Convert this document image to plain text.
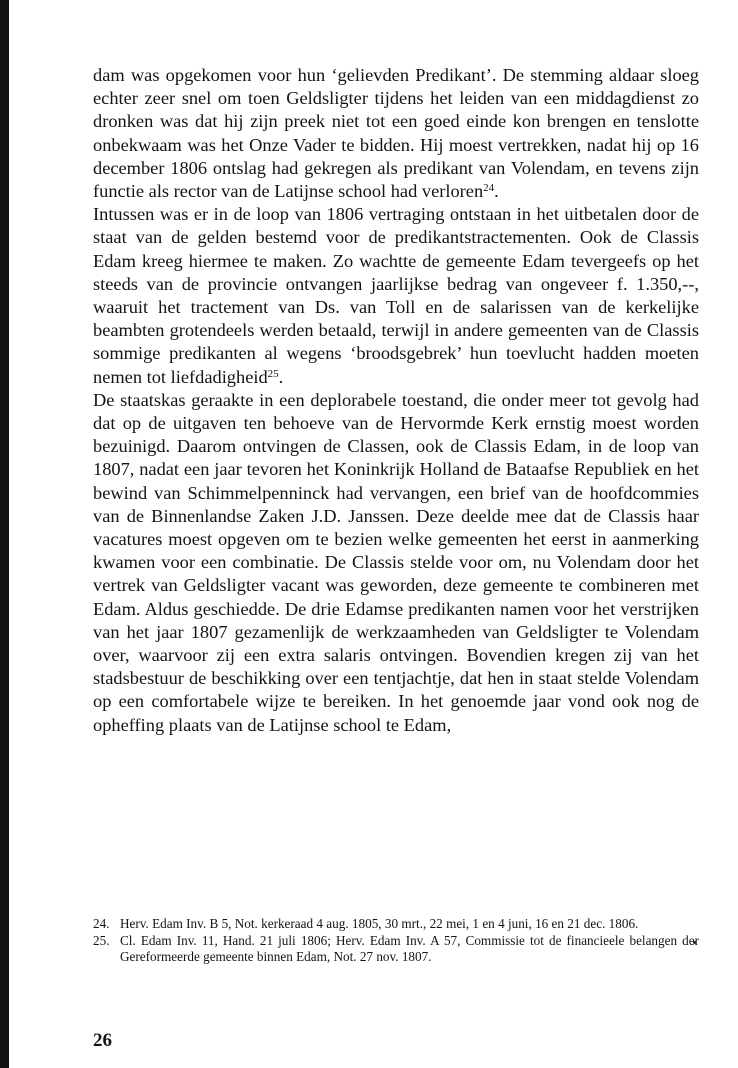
dam was opgekomen voor hun ‘gelievden Predikant’. De stemming aldaar sloeg echter zeer snel om toen Geldsligter tijdens het leiden van een middagdienst zo dronken was dat hij zijn preek niet tot een goed einde kon brengen en tenslotte onbekwaam was het Onze Vader te bidden. Hij moest vertrekken, nadat hij op 16 december 1806 ontslag had gekregen als predikant van Volendam, en tevens zijn functie als rector van de Latijnse school had verloren$^{24}$.

Intussen was er in de loop van 1806 vertraging ontstaan in het uitbetalen door de staat van de gelden bestemd voor de predikantstractementen. Ook de Classis Edam kreeg hiermee te maken. Zo wachtte de gemeente Edam tevergeefs op het steeds van de provincie ontvangen jaarlijkse bedrag van ongeveer f. 1.350,--, waaruit het tractement van Ds. van Toll en de salarissen van de kerkelijke beambten grotendeels werden betaald, terwijl in andere gemeenten van de Classis sommige predikanten al wegens ‘broodsgebrek’ hun toevlucht hadden moeten nemen tot liefdadigheid$^{25}$.

De staatskas geraakte in een deplorabele toestand, die onder meer tot gevolg had dat op de uitgaven ten behoeve van de Hervormde Kerk ernstig moest worden bezuinigd. Daarom ontvingen de Classen, ook de Classis Edam, in de loop van 1807, nadat een jaar tevoren het Koninkrijk Holland de Bataafse Republiek en het bewind van Schimmelpenninck had vervangen, een brief van de hoofdcommies van de Binnenlandse Zaken J.D. Janssen. Deze deelde mee dat de Classis haar vacatures moest opgeven om te bezien welke gemeenten het eerst in aanmerking kwamen voor een combinatie. De Classis stelde voor om, nu Volendam door het vertrek van Geldsligter vacant was geworden, deze gemeente te combineren met Edam. Aldus geschiedde. De drie Edamse predikanten namen voor het verstrijken van het jaar 1807 gezamenlijk de werkzaamheden van Geldsligter te Volendam over, waarvoor zij een extra salaris ontvingen. Bovendien kregen zij van het stadsbestuur de beschikking over een tentjachtje, dat hen in staat stelde Volendam op een comfortabele wijze te bereiken. In het genoemde jaar vond ook nog de opheffing plaats van de Latijnse school te Edam,

24. Herv. Edam Inv. B 5, Not. kerkeraad 4 aug. 1805, 30 mrt., 22 mei, 1 en 4 juni, 16 en 21 dec. 1806.
25. Cl. Edam Inv. 11, Hand. 21 juli 1806; Herv. Edam Inv. A 57, Commissie tot de financieele belangen der Gereformeerde gemeente binnen Edam, Not. 27 nov. 1807.
26
